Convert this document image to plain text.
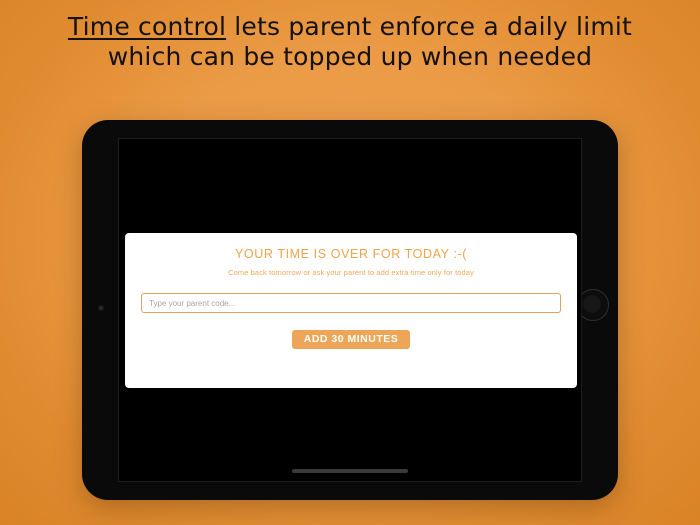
Time control lets parent enforce a daily limit
which can be topped up when needed
YOUR TIME IS OVER FOR TODAY :-(
Come back tomorrow or ask your parent to add extra time only for today
Type your parent code...
ADD 30 MINUTES
